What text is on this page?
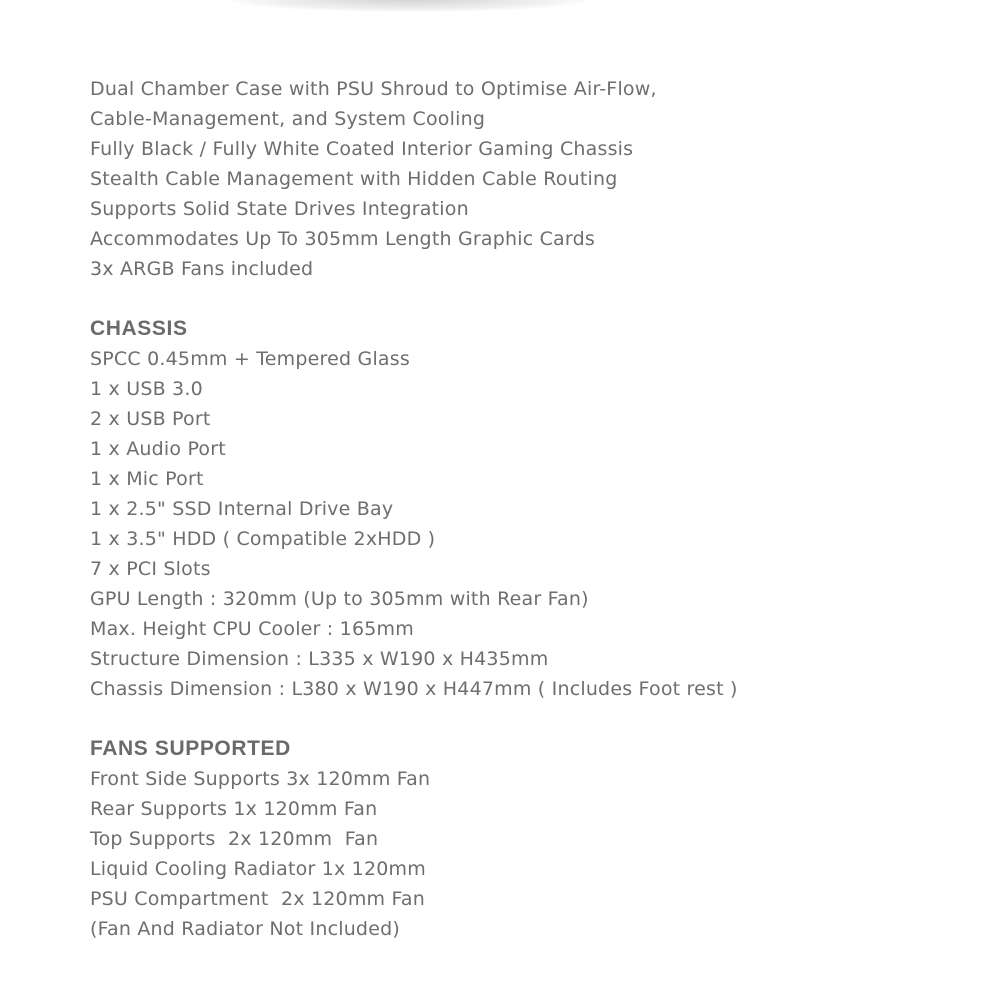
Dual Chamber Case with PSU Shroud to Optimise Air-Flow,
Cable-Management, and System Cooling
Fully Black / Fully White Coated Interior Gaming Chassis
Stealth Cable Management with Hidden Cable Routing
Supports Solid State Drives Integration
Accommodates Up To 305mm Length Graphic Cards
3x ARGB Fans included
CHASSIS
SPCC 0.45mm + Tempered Glass
1 x USB 3.0
2 x USB Port
1 x Audio Port
1 x Mic Port
1 x 2.5" SSD Internal Drive Bay
1 x 3.5" HDD ( Compatible 2xHDD )
7 x PCI Slots
GPU Length : 320mm (Up to 305mm with Rear Fan)
Max. Height CPU Cooler : 165mm
Structure Dimension : L335 x W190 x H435mm
Chassis Dimension : L380 x W190 x H447mm ( Includes Foot rest )
FANS SUPPORTED
Front Side Supports 3x 120mm Fan
Rear Supports 1x 120mm Fan
Top Supports  2x 120mm  Fan
Liquid Cooling Radiator 1x 120mm
PSU Compartment  2x 120mm Fan
(Fan And Radiator Not Included)
